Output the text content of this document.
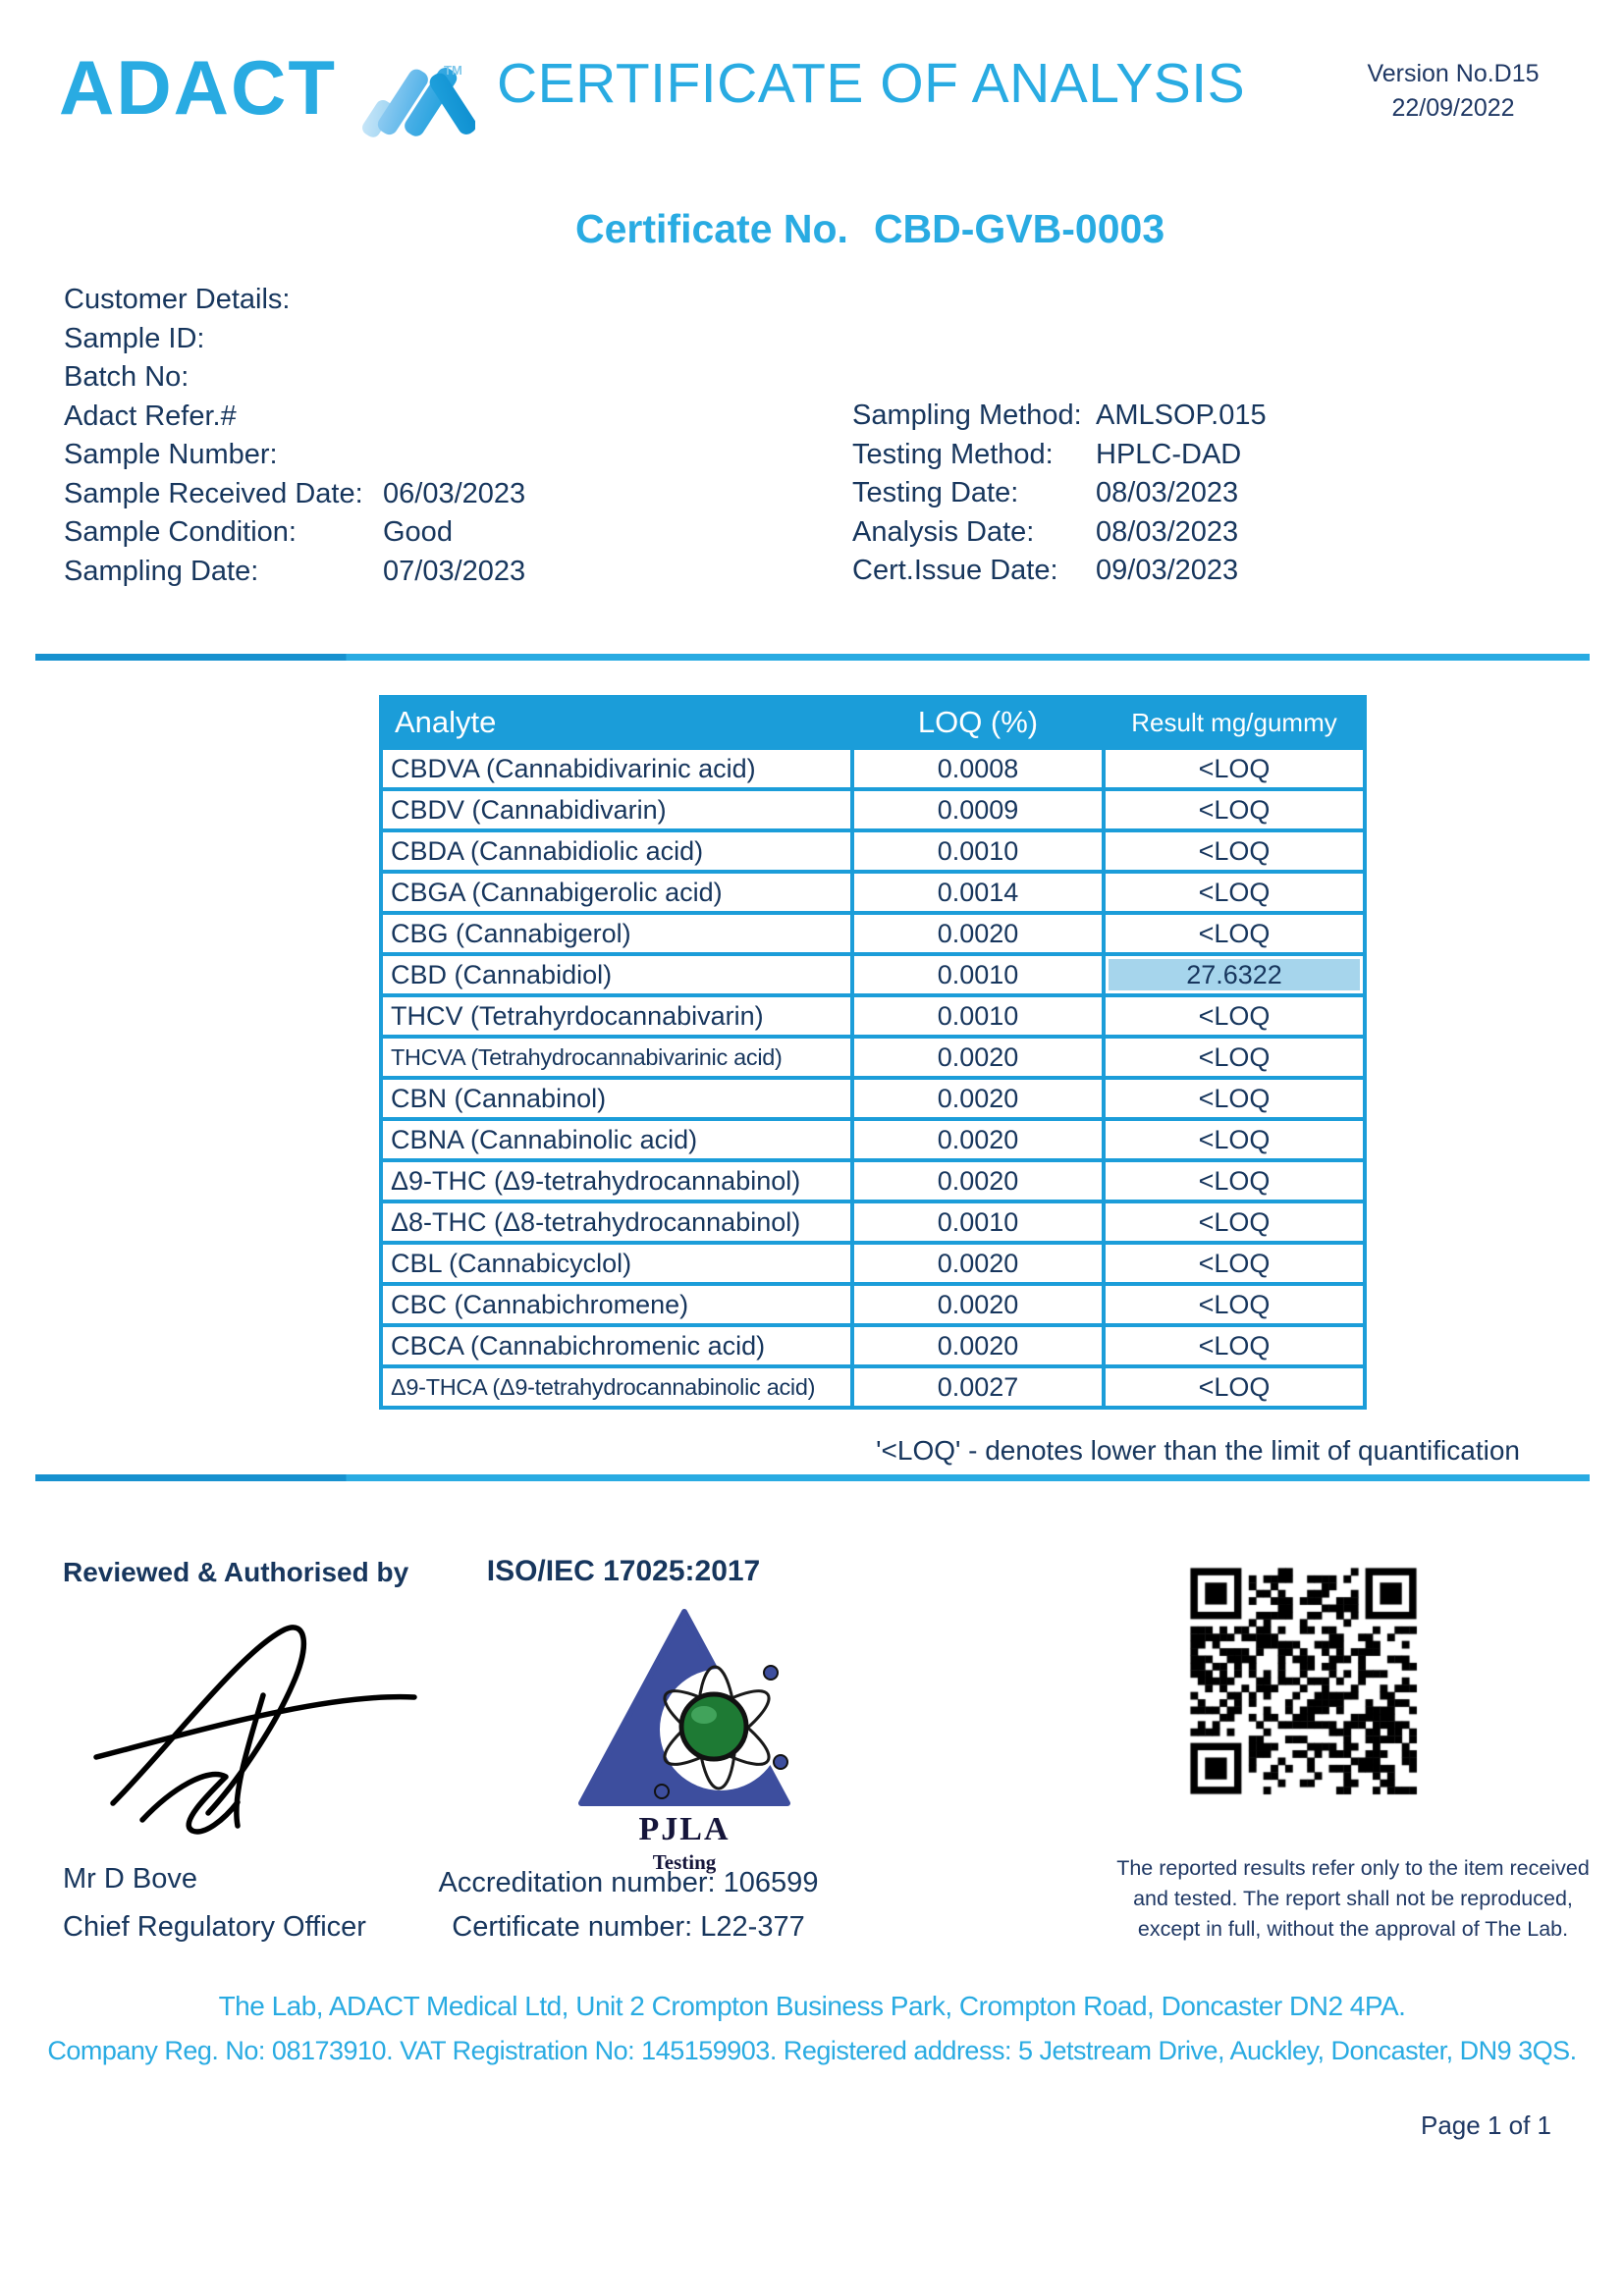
ADACT	TM CERTIFICATE OF ANALYSIS	Version No.D15
22/09/2022
Certificate No. CBD-GVB-0003
Customer Details:
Sample ID:
Batch No:
Adact Refer.#
Sample Number:
Sample Received Date: 06/03/2023
Sample Condition:	Good
Sampling Date:	07/03/2023
Sampling Method: AMLSOP.015
Testing Method:	HPLC-DAD
Testing Date:	08/03/2023
Analysis Date:	08/03/2023
Cert.Issue Date:	09/03/2023
Analyte	LOQ (%)	Result mg/gummy
CBDVA (Cannabidivarinic acid)	0.0008	<LOQ
CBDV (Cannabidivarin)	0.0009	<LOQ
CBDA (Cannabidiolic acid)	0.0010	<LOQ
CBGA (Cannabigerolic acid)	0.0014	<LOQ
CBG (Cannabigerol)	0.0020	<LOQ
CBD (Cannabidiol)	0.0010	27.6322
THCV (Tetrahyrdocannabivarin)	0.0010	<LOQ
THCVA (Tetrahydrocannabivarinic acid)	0.0020	<LOQ
CBN (Cannabinol)	0.0020	<LOQ
CBNA (Cannabinolic acid)	0.0020	<LOQ
Δ9-THC (Δ9-tetrahydrocannabinol)	0.0020	<LOQ
Δ8-THC (Δ8-tetrahydrocannabinol)	0.0010	<LOQ
CBL (Cannabicyclol)	0.0020	<LOQ
CBC (Cannabichromene)	0.0020	<LOQ
CBCA (Cannabichromenic acid)	0.0020	<LOQ
Δ9-THCA (Δ9-tetrahydrocannabinolic acid)	0.0027	<LOQ
'<LOQ' - denotes lower than the limit of quantification
Reviewed & Authorised by	ISO/IEC 17025:2017
PJLA
Testing
Mr D Bove
Chief Regulatory Officer
Accreditation number: 106599
Certificate number: L22-377
The reported results refer only to the item received and tested. The report shall not be reproduced, except in full, without the approval of The Lab.
The Lab, ADACT Medical Ltd, Unit 2 Crompton Business Park, Crompton Road, Doncaster DN2 4PA.
Company Reg. No: 08173910. VAT Registration No: 145159903. Registered address: 5 Jetstream Drive, Auckley, Doncaster, DN9 3QS.
Page 1 of 1
